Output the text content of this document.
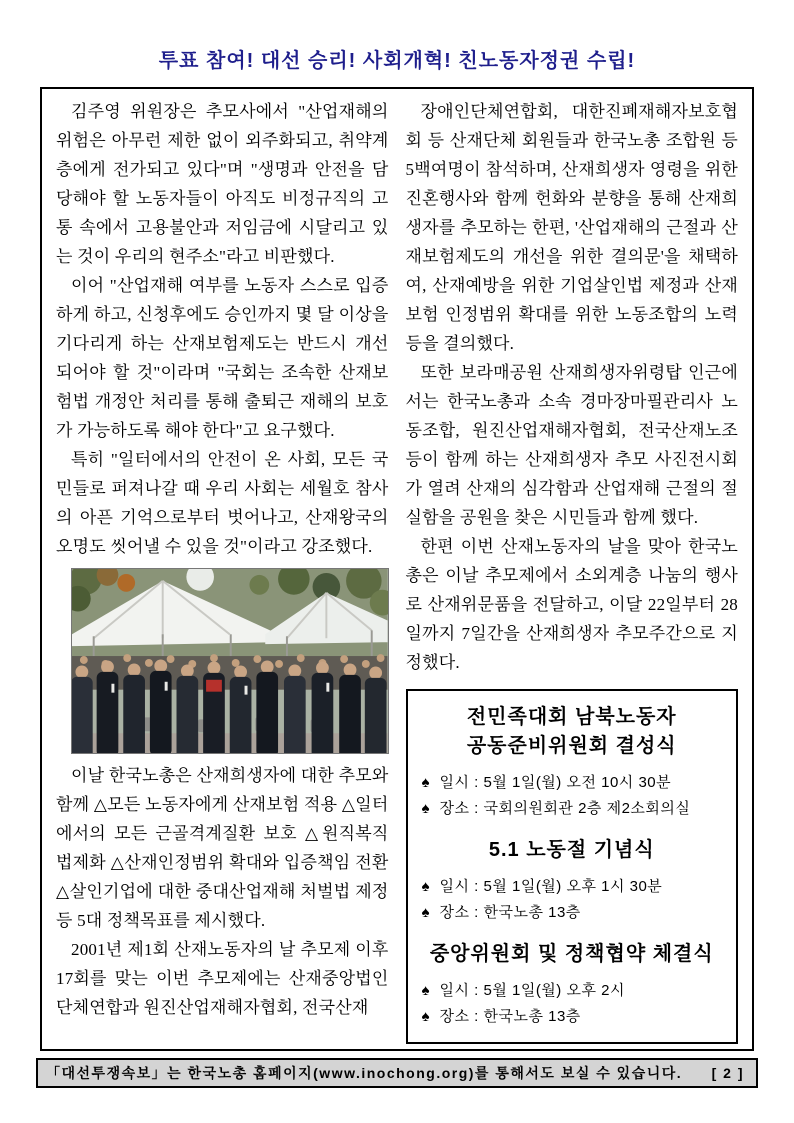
투표 참여! 대선 승리! 사회개혁! 친노동자정권 수립!

김주영 위원장은 추모사에서 "산업재해의 위험은 아무런 제한 없이 외주화되고, 취약계층에게 전가되고 있다"며 "생명과 안전을 담당해야 할 노동자들이 아직도 비정규직의 고통 속에서 고용불안과 저임금에 시달리고 있는 것이 우리의 현주소"라고 비판했다.

이어 "산업재해 여부를 노동자 스스로 입증하게 하고, 신청후에도 승인까지 몇 달 이상을 기다리게 하는 산재보험제도는 반드시 개선되어야 할 것"이라며 "국회는 조속한 산재보험법 개정안 처리를 통해 출퇴근 재해의 보호가 가능하도록 해야 한다"고 요구했다.

특히 "일터에서의 안전이 온 사회, 모든 국민들로 퍼져나갈 때 우리 사회는 세월호 참사의 아픈 기억으로부터 벗어나고, 산재왕국의 오명도 씻어낼 수 있을 것"이라고 강조했다.

이날 한국노총은 산재희생자에 대한 추모와 함께 △모든 노동자에게 산재보험 적용 △일터에서의 모든 근골격계질환 보호 △원직복직 법제화 △산재인정범위 확대와 입증책임 전환 △살인기업에 대한 중대산업재해 처벌법 제정 등 5대 정책목표를 제시했다.

2001년 제1회 산재노동자의 날 추모제 이후 17회를 맞는 이번 추모제에는 산재중앙법인단체연합과 원진산업재해자협회, 전국산재

장애인단체연합회, 대한진폐재해자보호협회 등 산재단체 회원들과 한국노총 조합원 등 5백여명이 참석하며, 산재희생자 영령을 위한 진혼행사와 함께 헌화와 분향을 통해 산재희생자를 추모하는 한편, '산업재해의 근절과 산재보험제도의 개선을 위한 결의문'을 채택하여, 산재예방을 위한 기업살인법 제정과 산재보험 인정범위 확대를 위한 노동조합의 노력 등을 결의했다.

또한 보라매공원 산재희생자위령탑 인근에서는 한국노총과 소속 경마장마필관리사 노동조합, 원진산업재해자협회, 전국산재노조 등이 함께 하는 산재희생자 추모 사진전시회가 열려 산재의 심각함과 산업재해 근절의 절실함을 공원을 찾은 시민들과 함께 했다.

한편 이번 산재노동자의 날을 맞아 한국노총은 이날 추모제에서 소외계층 나눔의 행사로 산재위문품을 전달하고, 이달 22일부터 28일까지 7일간을 산재희생자 추모주간으로 지정했다.

전민족대회 남북노동자
공동준비위원회 결성식
♠ 일시 : 5월 1일(월) 오전 10시 30분
♠ 장소 : 국회의원회관 2층 제2소회의실
5.1 노동절 기념식
♠ 일시 : 5월 1일(월) 오후 1시 30분
♠ 장소 : 한국노총 13층
중앙위원회 및 정책협약 체결식
♠ 일시 : 5월 1일(월) 오후 2시
♠ 장소 : 한국노총 13층
「대선투쟁속보」는 한국노총 홈페이지(www.inochong.org)를 통해서도 보실 수 있습니다. [ 2 ]
